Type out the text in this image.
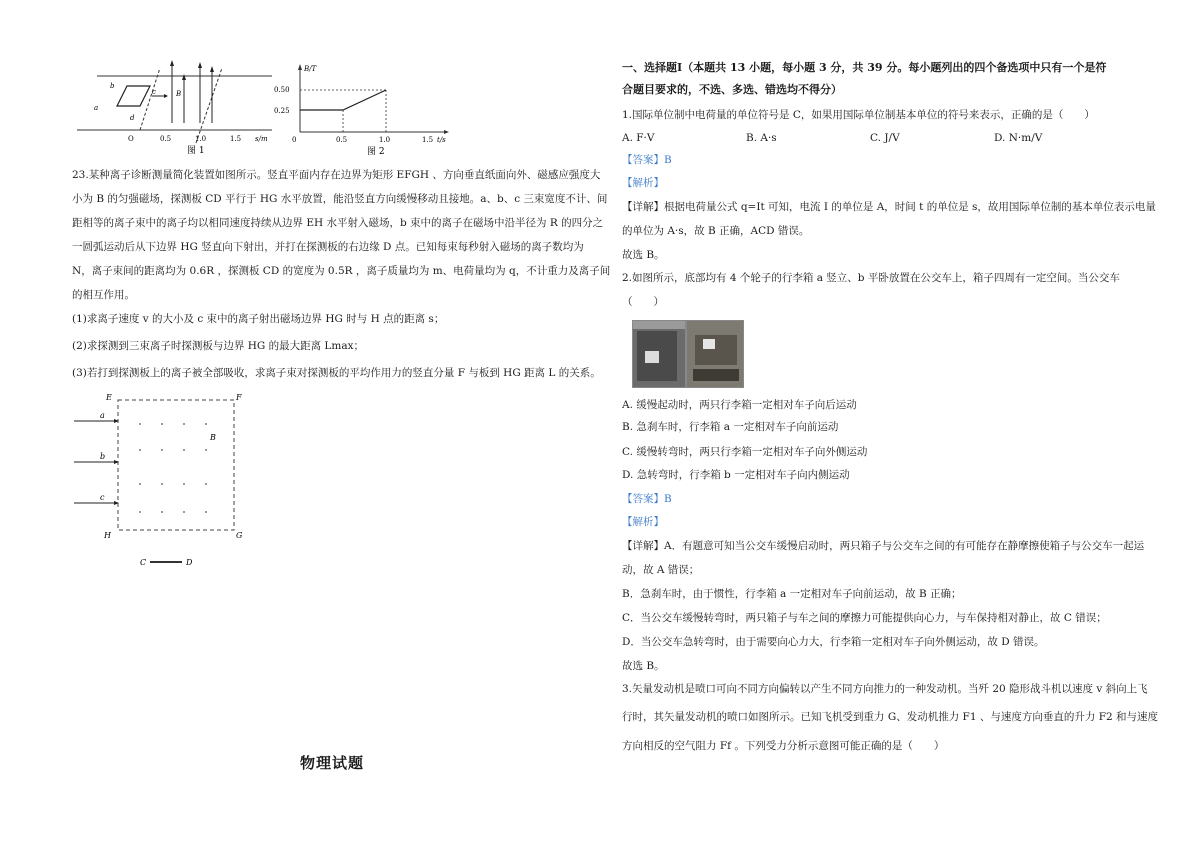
b
a
d
c	B
O	0.5	1.0	1.5 s/m
图 1
B/T
0.50
0.25
0	0.5	1.0	1.5 t/s
图 2

23.某种离子诊断测量简化装置如图所示。竖直平面内存在边界为矩形 EFGH 、方向垂直纸面向外、磁感应强度大

小为 B 的匀强磁场，探测板 CD 平行于 HG 水平放置，能沿竖直方向缓慢移动且接地。a、b、c 三束宽度不计、间

距相等的离子束中的离子均以相同速度持续从边界 EH 水平射入磁场，b 束中的离子在磁场中沿半径为 R 的四分之

一圆弧运动后从下边界 HG 竖直向下射出，并打在探测板的右边缘 D 点。已知每束每秒射入磁场的离子数均为

N，离子束间的距离均为 0.6R ，探测板 CD 的宽度为 0.5R ，离子质量均为 m、电荷量均为 q，不计重力及离子间

的相互作用。

(1)求离子速度 v 的大小及 c 束中的离子射出磁场边界 HG 时与 H 点的距离 s；

(2)求探测到三束离子时探测板与边界 HG 的最大距离 Lmax；

(3)若打到探测板上的离子被全部吸收，求离子束对探测板的平均作用力的竖直分量 F 与板到 HG 距离 L 的关系。

E	F
H	G
a
b
c
B
C	D
物理试题

一、选择题Ⅰ（本题共 13 小题，每小题 3 分，共 39 分。每小题列出的四个备选项中只有一个是符

合题目要求的，不选、多选、错选均不得分）

1.国际单位制中电荷量的单位符号是 C，如果用国际单位制基本单位的符号来表示，正确的是（　　）

A. F·V	B. A·s	C. J/V	D. N·m/V

【答案】B

【解析】

【详解】根据电荷量公式 q=It 可知，电流 I 的单位是 A，时间 t 的单位是 s，故用国际单位制的基本单位表示电量

的单位为 A·s，故 B 正确，ACD 错误。

故选 B。

2.如图所示，底部均有 4 个轮子的行李箱 a 竖立、b 平卧放置在公交车上，箱子四周有一定空间。当公交车

（　　）

A. 缓慢起动时，两只行李箱一定相对车子向后运动

B. 急刹车时，行李箱 a 一定相对车子向前运动

C. 缓慢转弯时，两只行李箱一定相对车子向外侧运动

D. 急转弯时，行李箱 b 一定相对车子向内侧运动

【答案】B

【解析】

【详解】A．有题意可知当公交车缓慢启动时，两只箱子与公交车之间的有可能存在静摩擦使箱子与公交车一起运

动，故 A 错误；

B．急刹车时，由于惯性，行李箱 a 一定相对车子向前运动，故 B 正确；

C．当公交车缓慢转弯时，两只箱子与车之间的摩擦力可能提供向心力，与车保持相对静止，故 C 错误；

D．当公交车急转弯时，由于需要向心力大，行李箱一定相对车子向外侧运动，故 D 错误。

故选 B。

3.矢量发动机是喷口可向不同方向偏转以产生不同方向推力的一种发动机。当歼 20 隐形战斗机以速度 v 斜向上飞

行时，其矢量发动机的喷口如图所示。已知飞机受到重力 G、发动机推力 F1 、与速度方向垂直的升力 F2 和与速度

方向相反的空气阻力 Ff 。下列受力分析示意图可能正确的是（　　）
